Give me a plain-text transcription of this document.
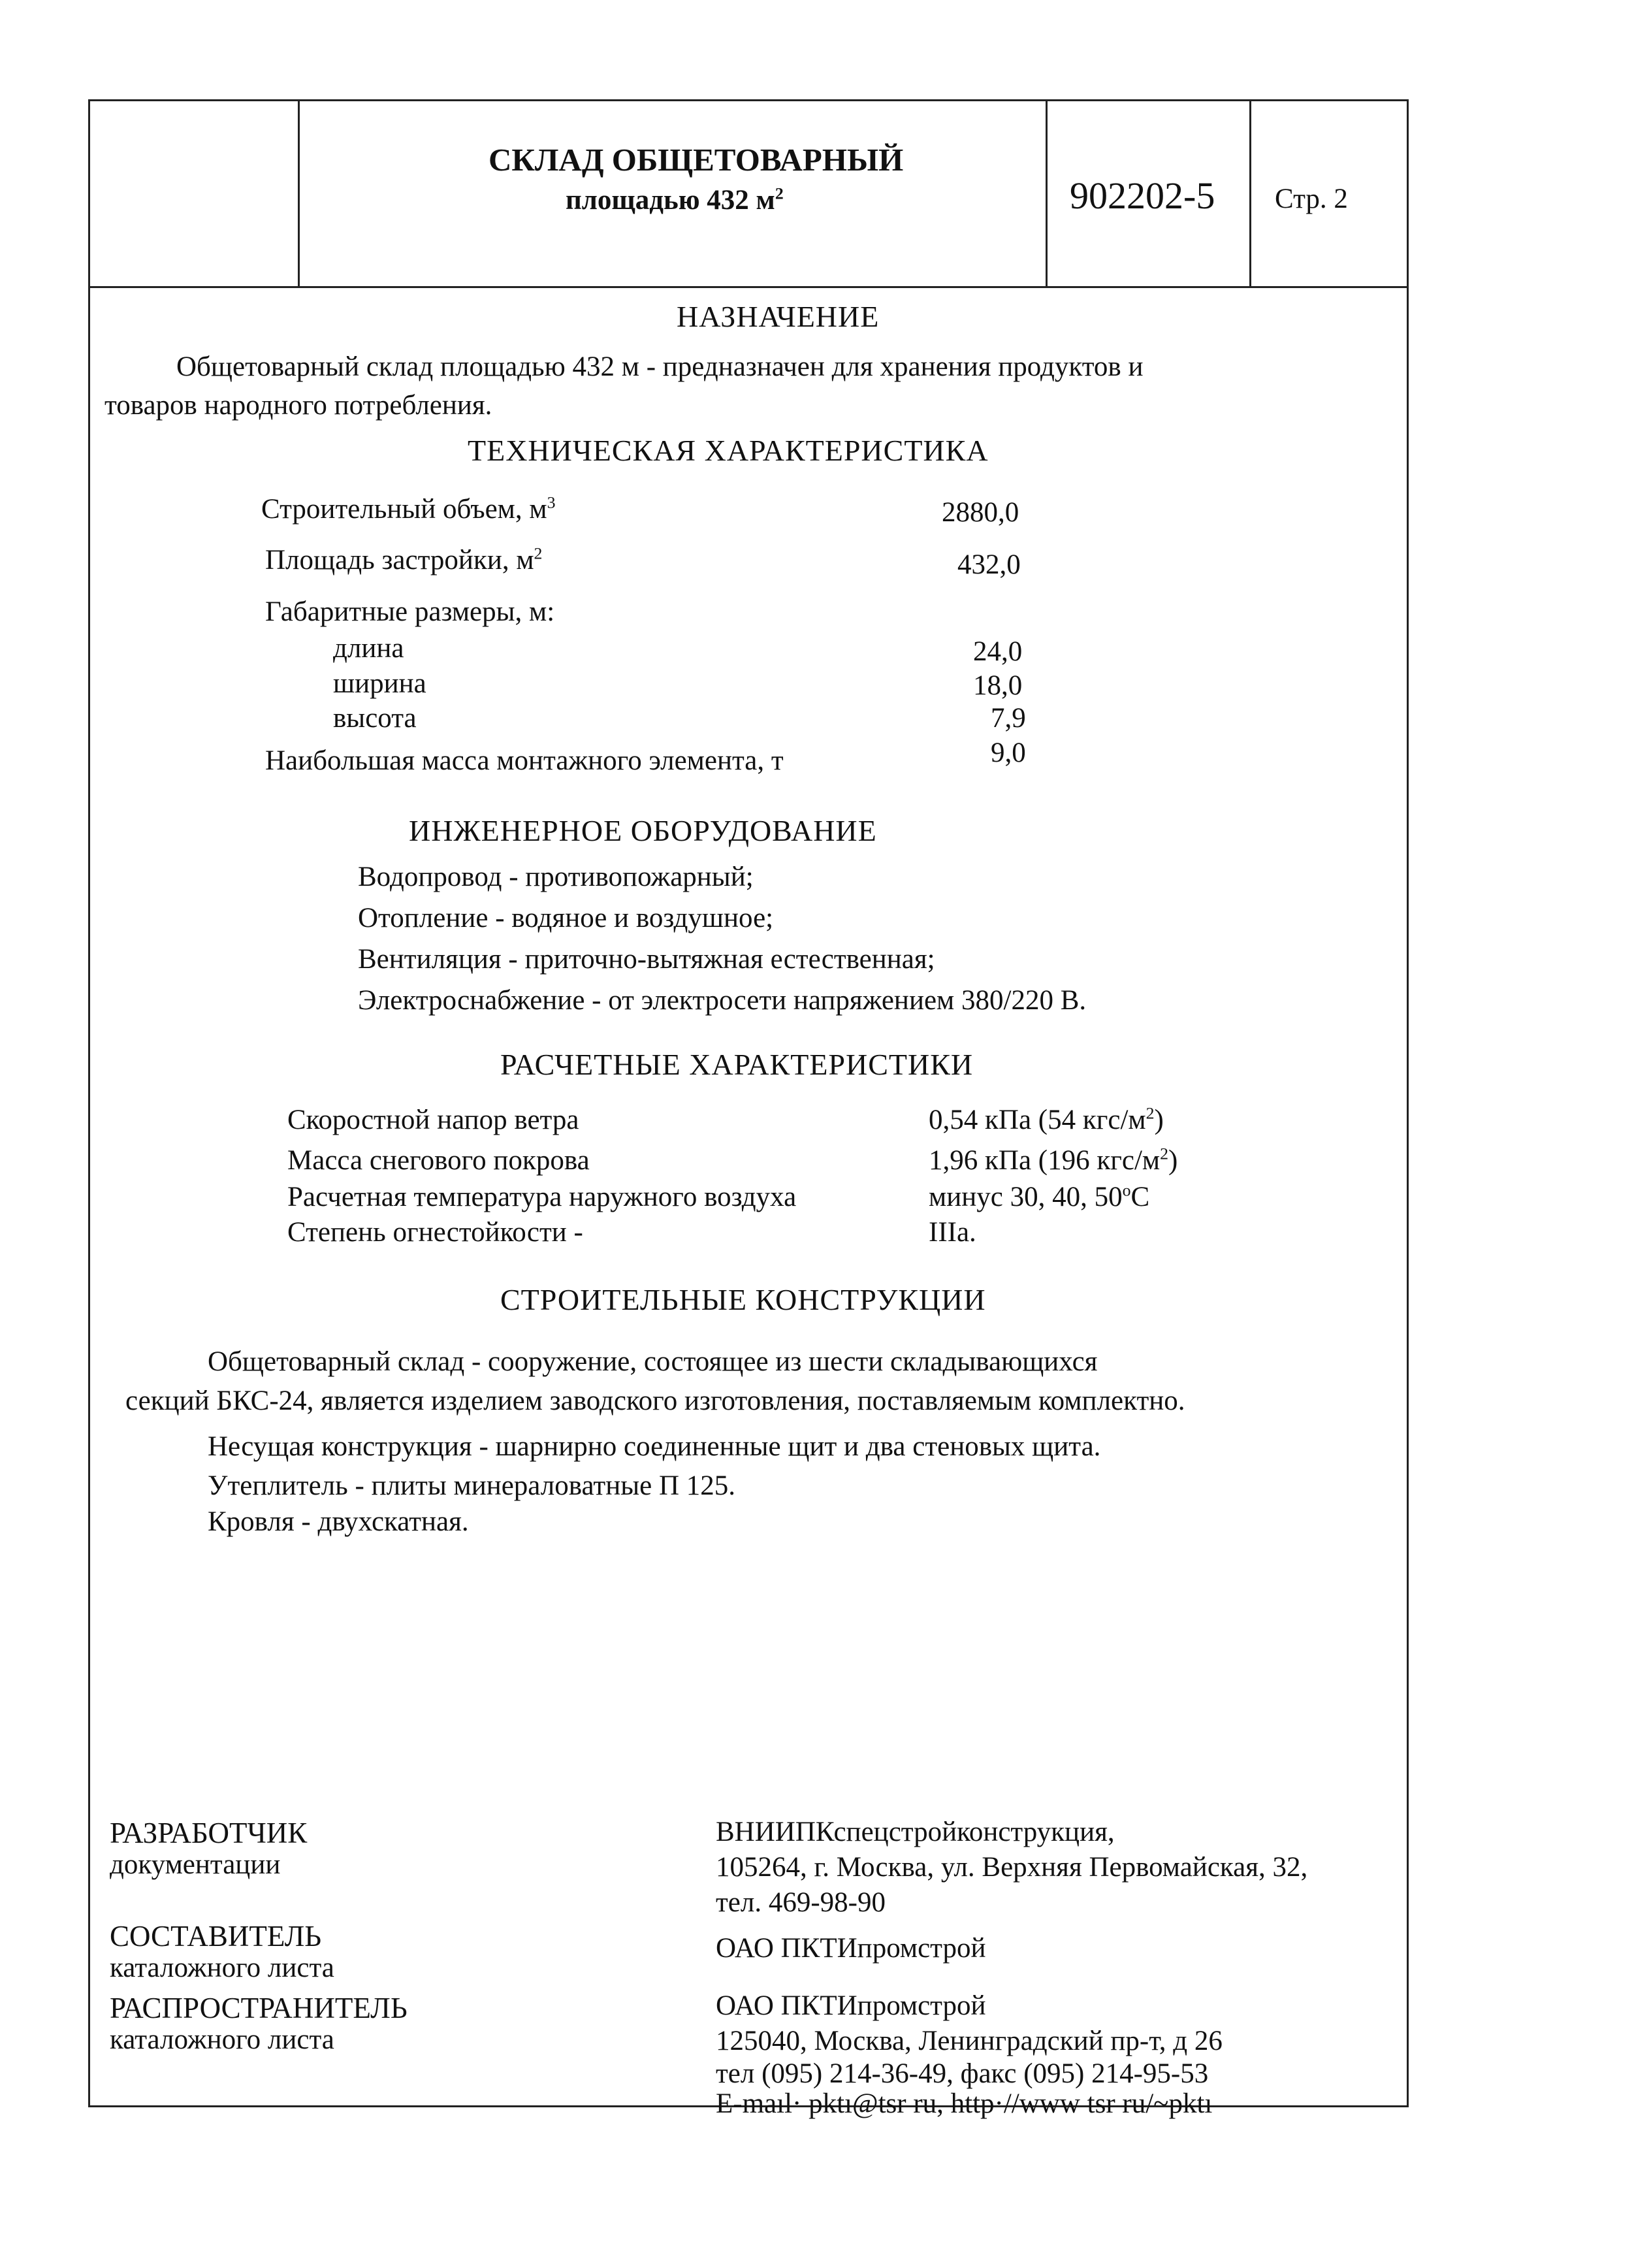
СКЛАД ОБЩЕТОВАРНЫЙ
площадью 432 $м^2$	902202-5 Стр. 2
НАЗНАЧЕНИЕ
Общетоварный склад площадью 432 м - предназначен для хранения продуктов и
товаров народного потребления.
ТЕХНИЧЕСКАЯ ХАРАКТЕРИСТИКА
Строительный объем, $м^3$	2880,0
Площадь застройки, $м^2$	432,0
Габаритные размеры, м:
длина	24,0
ширина	18,0
высота	7,9
Наибольшая масса монтажного элемента, т	9,0
ИНЖЕНЕРНОЕ ОБОРУДОВАНИЕ
Водопровод - противопожарный;
Отопление - водяное и воздушное;
Вентиляция - приточно-вытяжная естественная;
Электроснабжение - от электросети напряжением 380/220 В.
РАСЧЕТНЫЕ ХАРАКТЕРИСТИКИ
Скоростной напор ветра	0,54 кПа (54 кгс/$м^2$)
Масса снегового покрова	1,96 кПа (196 кгс/$м^2$)
Расчетная температура наружного воздуха	минус 30, 40, $50^оС$
Степень огнестойкости -	IIIa.
СТРОИТЕЛЬНЫЕ КОНСТРУКЦИИ
Общетоварный склад - сооружение, состоящее из шести складывающихся
секций БКС-24, является изделием заводского изготовления, поставляемым комплектно.
Несущая конструкция - шарнирно соединенные щит и два стеновых щита.
Утеплитель - плиты минераловатные П 125.
Кровля - двухскатная.
РАЗРАБОТЧИК
документации
ВНИИПКспецстройконструкция,
105264, г. Москва, ул. Верхняя Первомайская, 32,
тел. 469-98-90
СОСТАВИТЕЛЬ
каталожного листа
ОАО ПКТИпромстрой
РАСПРОСТРАНИТЕЛЬ
каталожного листа
ОАО ПКТИпромстрой
125040, Москва, Ленинградский пр-т, д 26
тел (095) 214-36-49, факс (095) 214-95-53
E-maıl· pktı@tsr ru, http·//www tsr ru/~pktı
